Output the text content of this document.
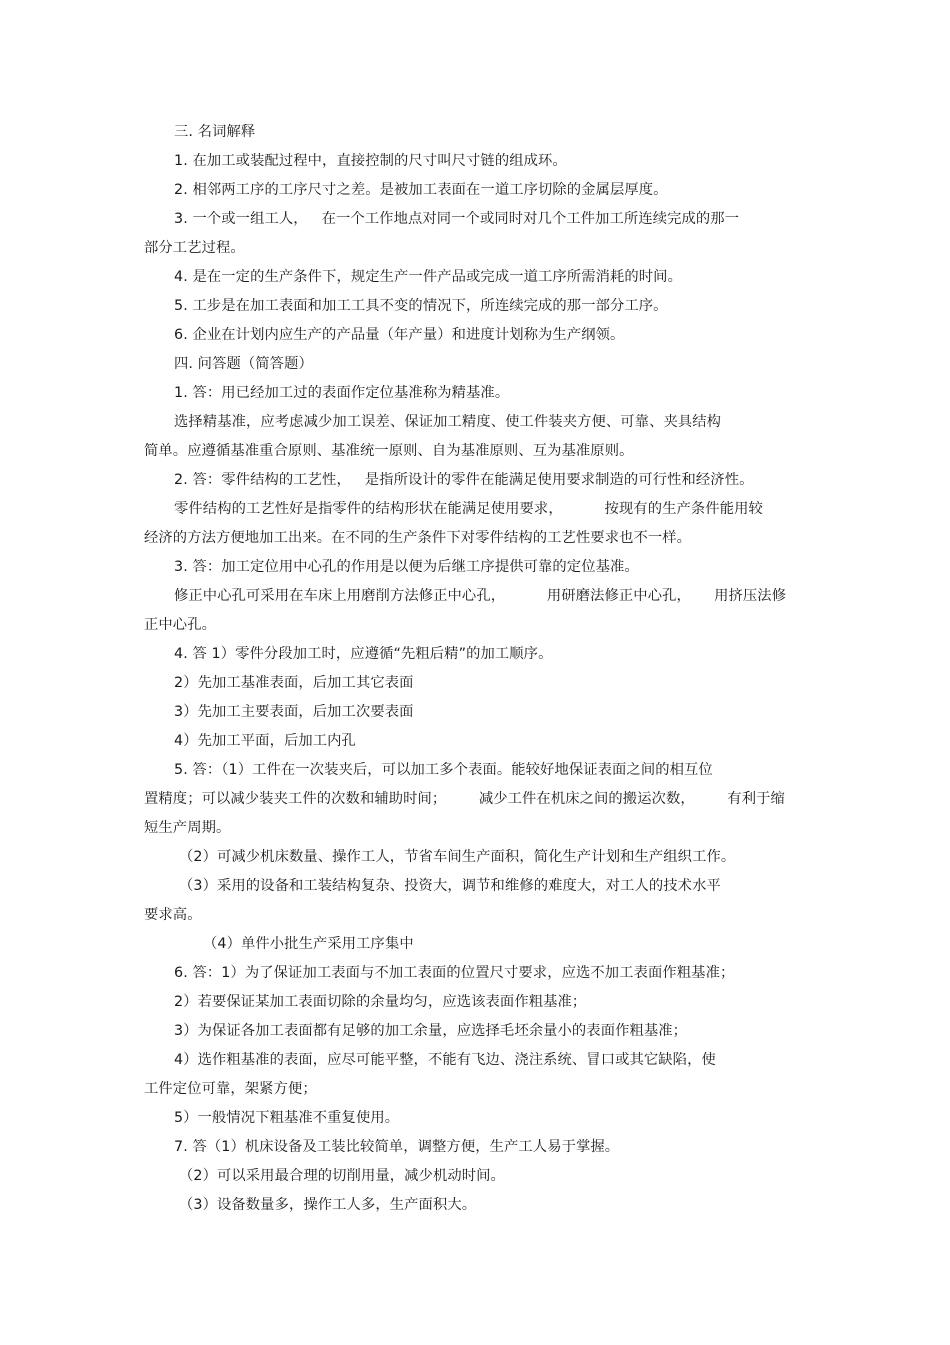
三. 名词解释
1. 在加工或装配过程中，直接控制的尺寸叫尺寸链的组成环。
2. 相邻两工序的工序尺寸之差。是被加工表面在一道工序切除的金属层厚度。
3. 一个或一组工人，   在一个工作地点对同一个或同时对几个工件加工所连续完成的那一
部分工艺过程。
4. 是在一定的生产条件下，规定生产一件产品或完成一道工序所需消耗的时间。
5. 工步是在加工表面和加工工具不变的情况下，所连续完成的那一部分工序。
6. 企业在计划内应生产的产品量（年产量）和进度计划称为生产纲领。
四. 问答题（简答题）
1. 答：用已经加工过的表面作定位基准称为精基准。
选择精基准，应考虑减少加工误差、保证加工精度、使工件装夹方便、可靠、夹具结构
简单。应遵循基准重合原则、基准统一原则、自为基准原则、互为基准原则。
2. 答：零件结构的工艺性，   是指所设计的零件在能满足使用要求制造的可行性和经济性。
零件结构的工艺性好是指零件的结构形状在能满足使用要求，         按现有的生产条件能用较
经济的方法方便地加工出来。在不同的生产条件下对零件结构的工艺性要求也不一样。
3. 答：加工定位用中心孔的作用是以便为后继工序提供可靠的定位基准。
修正中心孔可采用在车床上用磨削方法修正中心孔，         用研磨法修正中心孔，     用挤压法修
正中心孔。
4. 答 1）零件分段加工时，应遵循“先粗后精”的加工顺序。
2）先加工基准表面，后加工其它表面
3）先加工主要表面，后加工次要表面
4）先加工平面，后加工内孔
5. 答：（1）工件在一次装夹后，可以加工多个表面。能较好地保证表面之间的相互位
置精度；可以减少装夹工件的次数和辅助时间；       减少工件在机床之间的搬运次数，       有利于缩
短生产周期。
（2）可减少机床数量、操作工人，节省车间生产面积，简化生产计划和生产组织工作。
（3）采用的设备和工装结构复杂、投资大，调节和维修的难度大，对工人的技术水平
要求高。
（4）单件小批生产采用工序集中
6. 答：1）为了保证加工表面与不加工表面的位置尺寸要求，应选不加工表面作粗基准；
2）若要保证某加工表面切除的余量均匀，应选该表面作粗基准；
3）为保证各加工表面都有足够的加工余量，应选择毛坯余量小的表面作粗基准；
4）选作粗基准的表面，应尽可能平整，不能有飞边、浇注系统、冒口或其它缺陷，使
工件定位可靠，架紧方便；
5）一般情况下粗基准不重复使用。
7. 答（1）机床设备及工装比较简单，调整方便，生产工人易于掌握。
（2）可以采用最合理的切削用量，减少机动时间。
（3）设备数量多，操作工人多，生产面积大。
